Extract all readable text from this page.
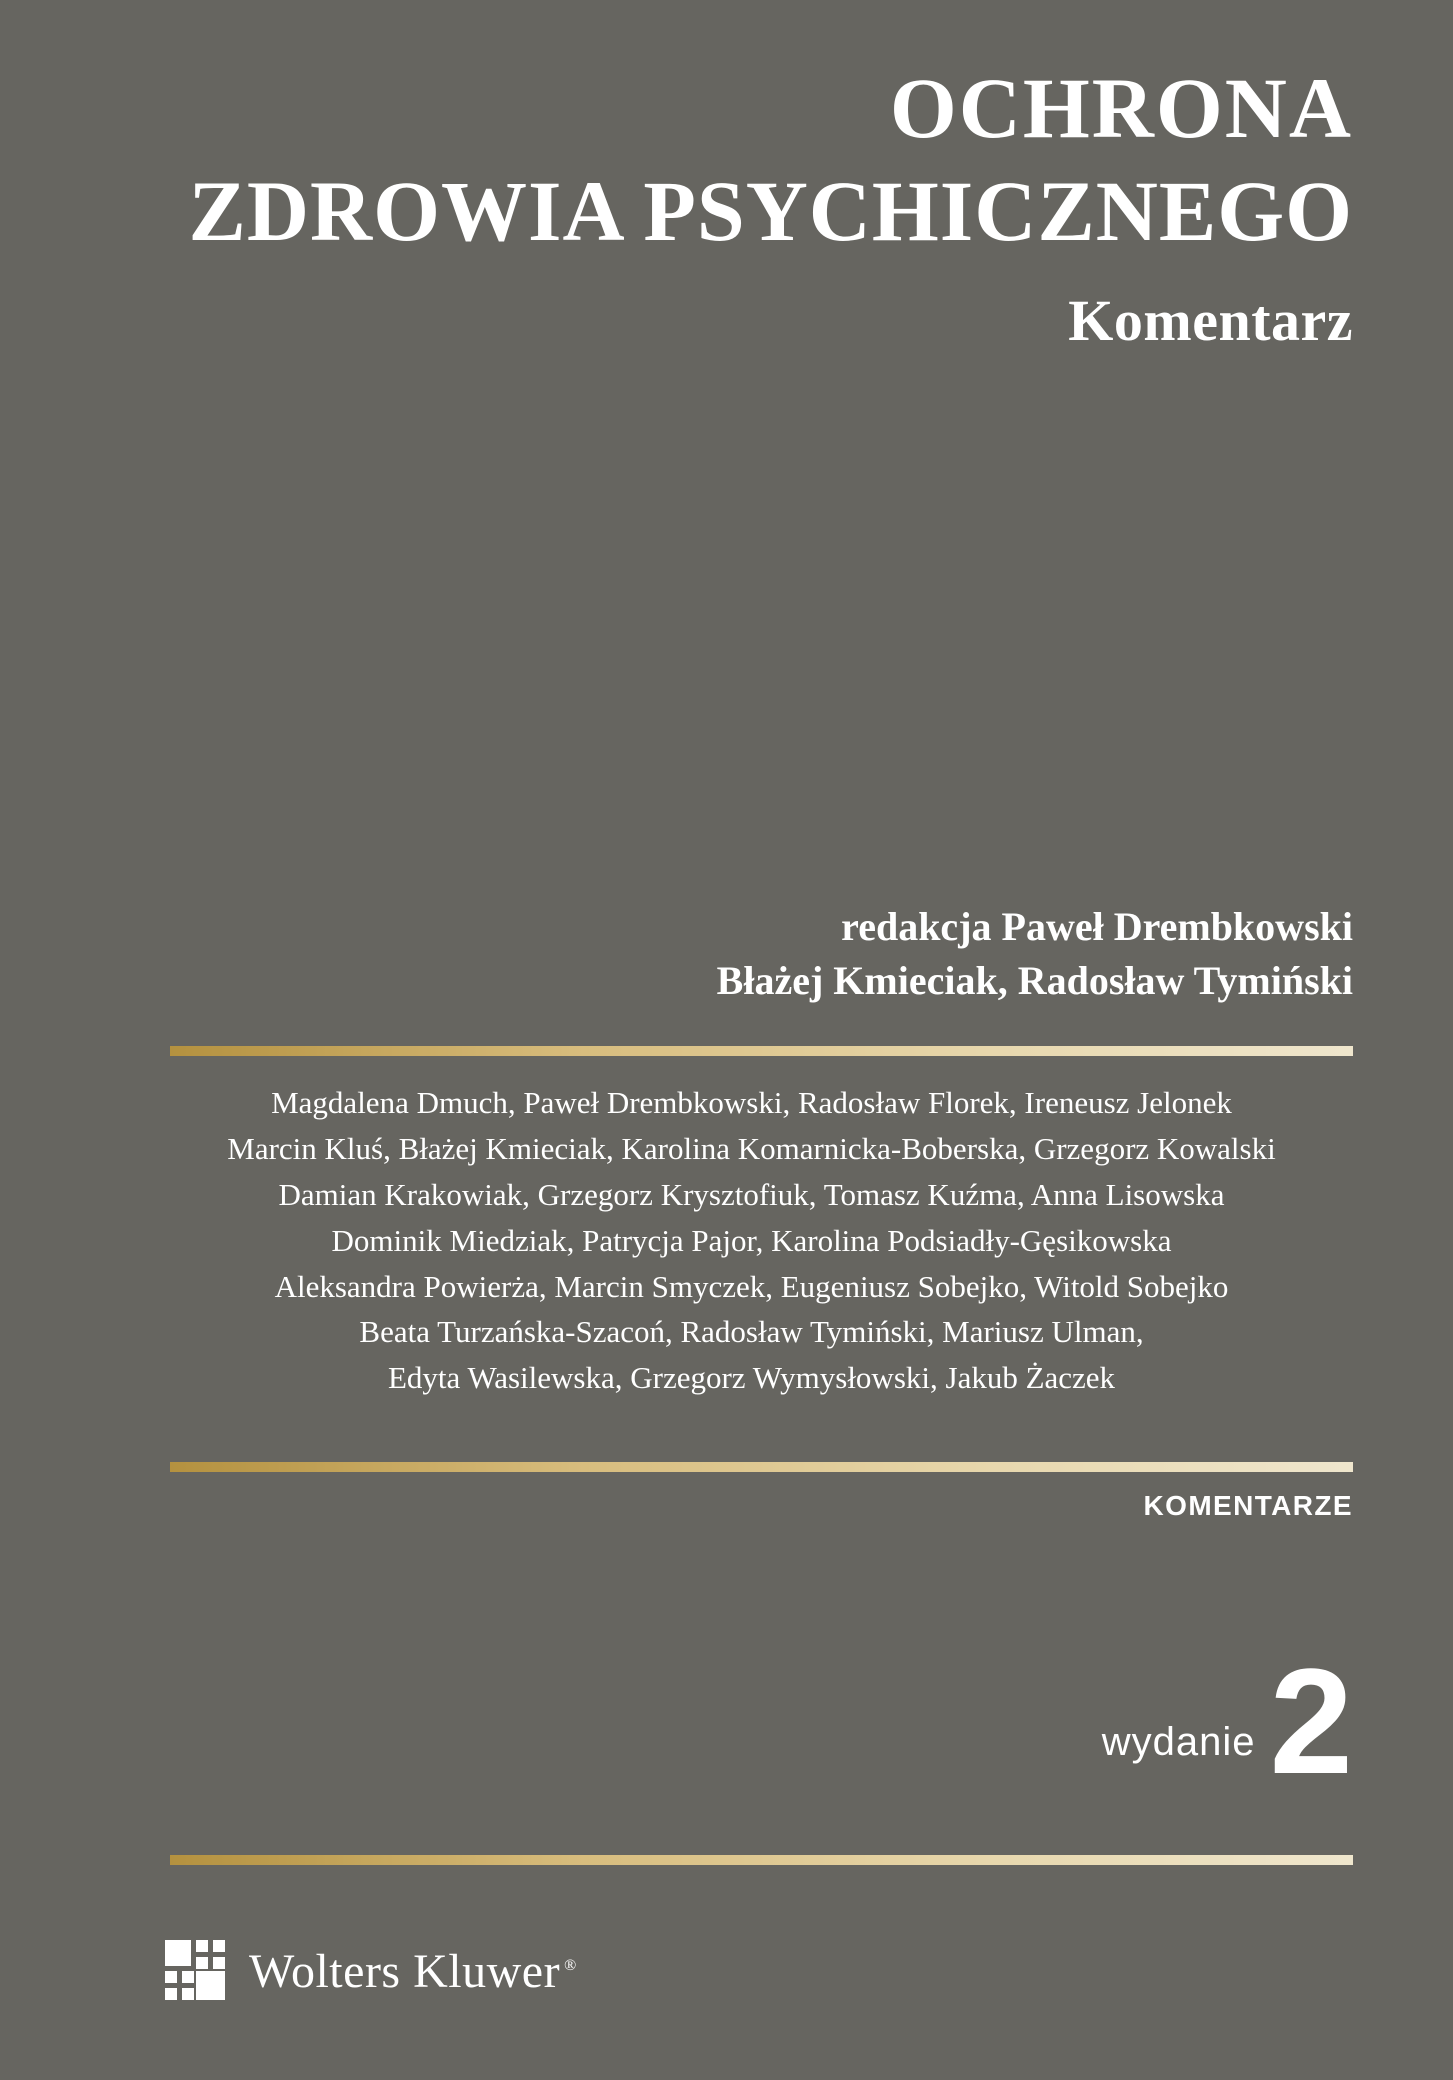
OCHRONA
ZDROWIA PSYCHICZNEGO
Komentarz
redakcja Paweł Drembkowski
Błażej Kmieciak, Radosław Tymiński
Magdalena Dmuch, Paweł Drembkowski, Radosław Florek, Ireneusz Jelonek
Marcin Kluś, Błażej Kmieciak, Karolina Komarnicka-Boberska, Grzegorz Kowalski
Damian Krakowiak, Grzegorz Krysztofiuk, Tomasz Kuźma, Anna Lisowska
Dominik Miedziak, Patrycja Pajor, Karolina Podsiadły-Gęsikowska
Aleksandra Powierża, Marcin Smyczek, Eugeniusz Sobejko, Witold Sobejko
Beata Turzańska-Szacoń, Radosław Tymiński, Mariusz Ulman,
Edyta Wasilewska, Grzegorz Wymysłowski, Jakub Żaczek
KOMENTARZE
wydanie 2
Wolters Kluwer ®
